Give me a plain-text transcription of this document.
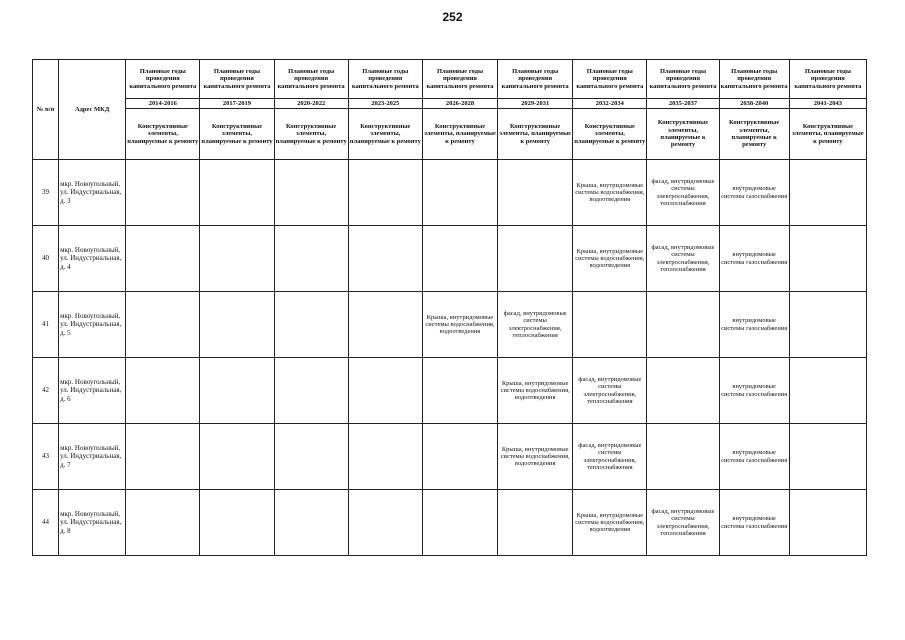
252
№ п/п	Адрес МКД	Плановые годы проведения капитального ремонта	Плановые годы проведения капитального ремонта	Плановые годы проведения капитального ремонта	Плановые годы проведения капитального ремонта	Плановые годы проведения капитального ремонта	Плановые годы проведения капитального ремонта	Плановые годы проведения капитального ремонта	Плановые годы проведения капитального ремонта	Плановые годы проведения капитального ремонта	Плановые годы проведения капитального ремонта
		2014-2016	2017-2019	2020-2022	2023-2025	2026-2028	2029-2031	2032-2034	2035-2037	2038-2040	2041-2043
		Конструктивные элементы, планируемые к ремонту	Конструктивные элементы, планируемые к ремонту	Конструктивные элементы, планируемые к ремонту	Конструктивные элементы, планируемые к ремонту	Конструктивные элементы, планируемые к ремонту	Конструктивные элементы, планируемые к ремонту	Конструктивные элементы, планируемые к ремонту	Конструктивные элементы, планируемые к ремонту	Конструктивные элементы, планируемые к ремонту	Конструктивные элементы, планируемые к ремонту
39	мкр. Новоугольный, ул. Индустриальная, д. 3							Крыша, внутридомовые системы водоснабжения, водоотведения	фасад, внутридомовые системы электроснабжения, теплоснабжения	внутридомовые системы газоснабжения	
40	мкр. Новоугольный, ул. Индустриальная, д. 4							Крыша, внутридомовые системы водоснабжения, водоотведения	фасад, внутридомовые системы электроснабжения, теплоснабжения	внутридомовые системы газоснабжения	
41	мкр. Новоугольный, ул. Индустриальная, д. 5					Крыша, внутридомовые системы водоснабжения, водоотведения	фасад, внутридомовые системы электроснабжения, теплоснабжения			внутридомовые системы газоснабжения	
42	мкр. Новоугольный, ул. Индустриальная, д. 6						Крыша, внутридомовые системы водоснабжения, водоотведения	фасад, внутридомовые системы электроснабжения, теплоснабжения		внутридомовые системы газоснабжения	
43	мкр. Новоугольный, ул. Индустриальная, д. 7						Крыша, внутридомовые системы водоснабжения, водоотведения	фасад, внутридомовые системы электроснабжения, теплоснабжения		внутридомовые системы газоснабжения	
44	мкр. Новоугольный, ул. Индустриальная, д. 8							Крыша, внутридомовые системы водоснабжения, водоотведения	фасад, внутридомовые системы электроснабжения, теплоснабжения	внутридомовые системы газоснабжения	
